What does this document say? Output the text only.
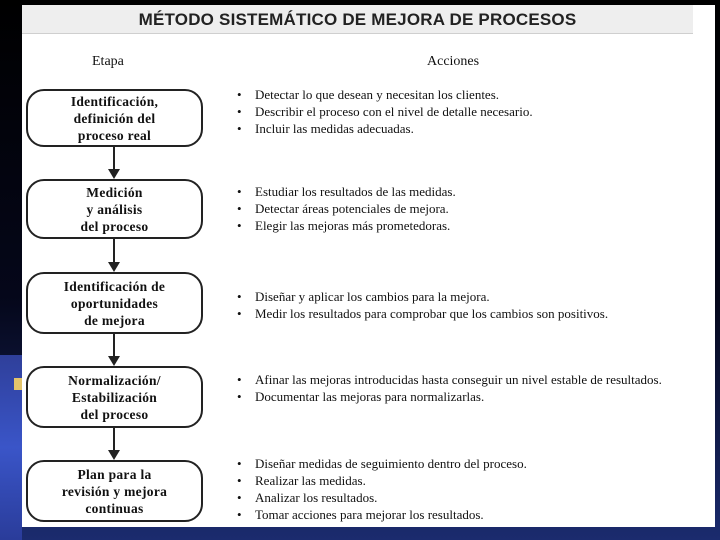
MÉTODO SISTEMÁTICO DE MEJORA DE PROCESOS
Etapa	Acciones
Identificación,
definición del
proceso real
• Detectar lo que desean y necesitan los clientes.
• Describir el proceso con el nivel de detalle necesario.
• Incluir las medidas adecuadas.
Medición
y análisis
del proceso
• Estudiar los resultados de las medidas.
• Detectar áreas potenciales de mejora.
• Elegir las mejoras más prometedoras.
Identificación de
oportunidades
de mejora
• Diseñar y aplicar los cambios para la mejora.
• Medir los resultados para comprobar que los cambios son positivos.
Normalización/
Estabilización
del proceso
• Afinar las mejoras introducidas hasta conseguir un nivel estable de resultados.
• Documentar las mejoras para normalizarlas.
Plan para la
revisión y mejora
continuas
• Diseñar medidas de seguimiento dentro del proceso.
• Realizar las medidas.
• Analizar los resultados.
• Tomar acciones para mejorar los resultados.
